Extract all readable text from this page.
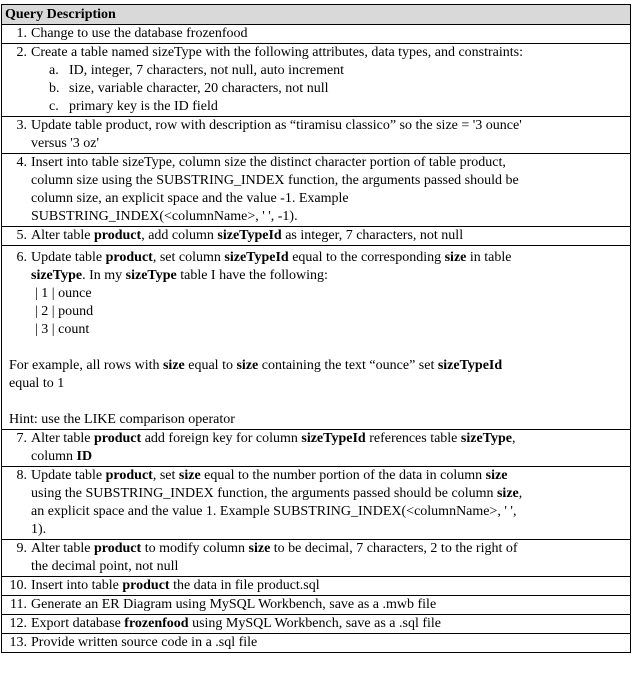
Query Description

1. Change to use the database frozenfood

2. Create a table named sizeType with the following attributes, data types, and constraints:
a. ID, integer, 7 characters, not null, auto increment
b. size, variable character, 20 characters, not null
c. primary key is the ID field

3. Update table product, row with description as “tiramisu classico” so the size = '3 ounce'
versus '3 oz'

4. Insert into table sizeType, column size the distinct character portion of table product,
column size using the SUBSTRING_INDEX function, the arguments passed should be
column size, an explicit space and the value -1. Example
SUBSTRING_INDEX(<columnName>, ' ', -1).

5. Alter table product, add column sizeTypeId as integer, 7 characters, not null

6. Update table product, set column sizeTypeId equal to the corresponding size in table
sizeType. In my sizeType table I have the following:
| 1 | ounce
| 2 | pound
| 3 | count
For example, all rows with size equal to size containing the text “ounce” set sizeTypeId
equal to 1
Hint: use the LIKE comparison operator

7. Alter table product add foreign key for column sizeTypeId references table sizeType,
column ID

8. Update table product, set size equal to the number portion of the data in column size
using the SUBSTRING_INDEX function, the arguments passed should be column size,
an explicit space and the value 1. Example SUBSTRING_INDEX(<columnName>, ' ',
1).

9. Alter table product to modify column size to be decimal, 7 characters, 2 to the right of
the decimal point, not null

10. Insert into table product the data in file product.sql

11. Generate an ER Diagram using MySQL Workbench, save as a .mwb file

12. Export database frozenfood using MySQL Workbench, save as a .sql file

13. Provide written source code in a .sql file
